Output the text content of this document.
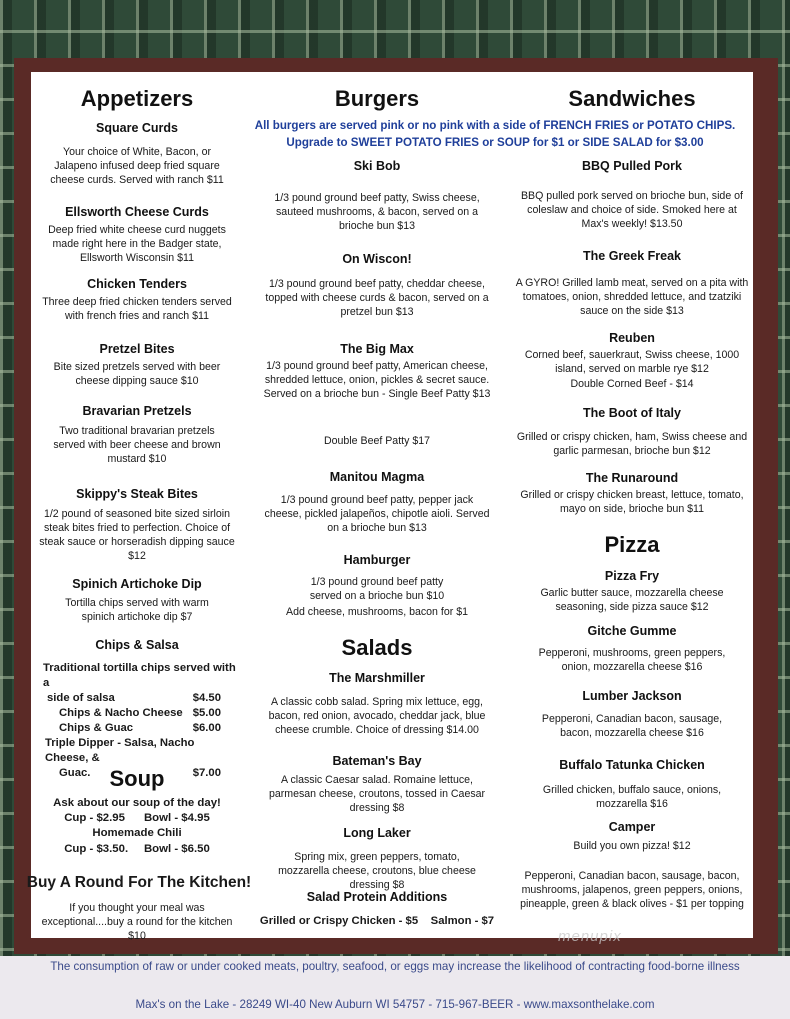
Appetizers
Square Curds
Your choice of White, Bacon, or Jalapeno infused deep fried square cheese curds. Served with ranch $11
Ellsworth Cheese Curds
Deep fried white cheese curd nuggets made right here in the Badger state, Ellsworth Wisconsin $11
Chicken Tenders
Three deep fried chicken tenders served with french fries and ranch $11
Pretzel Bites
Bite sized pretzels served with beer cheese dipping sauce $10
Bravarian Pretzels
Two traditional bravarian pretzels served with beer cheese and brown mustard $10
Skippy's Steak Bites
1/2 pound of seasoned bite sized sirloin steak bites fried to perfection. Choice of steak sauce or horseradish dipping sauce $12
Spinich Artichoke Dip
Tortilla chips served with warm spinich artichoke dip $7
Chips & Salsa
Traditional tortilla chips served with a
side of salsa	$4.50
Chips & Nacho Cheese $5.00
Chips & Guac	$6.00
Triple Dipper - Salsa, Nacho Cheese, &
Guac.	$7.00
Soup
Ask about our soup of the day!
Cup - $2.95      Bowl - $4.95
Homemade Chili
Cup - $3.50.     Bowl - $6.50
Buy A Round For The Kitchen!
If you thought your meal was exceptional....buy a round for the kitchen $10
Burgers
Ski Bob
1/3 pound ground beef patty, Swiss cheese, sauteed mushrooms, & bacon, served on a brioche bun $13
On Wiscon!
1/3 pound ground beef patty, cheddar cheese, topped with cheese curds & bacon, served on a pretzel bun $13
The Big Max
1/3 pound ground beef patty, American cheese, shredded lettuce, onion, pickles & secret sauce. Served on a brioche bun - Single Beef Patty $13
Double Beef Patty $17
Manitou Magma
1/3 pound ground beef patty, pepper jack cheese, pickled jalapeños, chipotle aioli. Served on a brioche bun $13
Hamburger
1/3 pound ground beef patty served on a brioche bun $10
Add cheese, mushrooms, bacon for $1
Salads
The Marshmiller
A classic cobb salad. Spring mix lettuce, egg, bacon, red onion, avocado, cheddar jack, blue cheese crumble. Choice of dressing $14.00
Bateman's Bay
A classic Caesar salad. Romaine lettuce, parmesan cheese, croutons, tossed in Caesar dressing $8
Long Laker
Spring mix, green peppers, tomato, mozzarella cheese, croutons, blue cheese dressing $8
Salad Protein Additions
Grilled or Crispy Chicken - $5    Salmon - $7
All burgers are served pink or no pink with a side of FRENCH FRIES or POTATO CHIPS.
Upgrade to SWEET POTATO FRIES or SOUP for $1 or SIDE SALAD for $3.00
Sandwiches
BBQ Pulled Pork
BBQ pulled pork served on brioche bun, side of coleslaw and choice of side. Smoked here at Max's weekly! $13.50
The Greek Freak
A GYRO! Grilled lamb meat, served on a pita with tomatoes, onion, shredded lettuce, and tzatziki sauce on the side $13
Reuben
Corned beef, sauerkraut, Swiss cheese, 1000 island, served on marble rye $12
Double Corned Beef - $14
The Boot of Italy
Grilled or crispy chicken, ham, Swiss cheese and garlic parmesan, brioche bun $12
The Runaround
Grilled or crispy chicken breast, lettuce, tomato, mayo on side, brioche bun $11
Pizza
Pizza Fry
Garlic butter sauce, mozzarella cheese seasoning, side pizza sauce $12
Gitche Gumme
Pepperoni, mushrooms, green peppers, onion, mozzarella cheese $16
Lumber Jackson
Pepperoni, Canadian bacon, sausage, bacon, mozzarella cheese $16
Buffalo Tatunka Chicken
Grilled chicken, buffalo sauce, onions, mozzarella $16
Camper
Build you own pizza! $12
Pepperoni, Canadian bacon, sausage, bacon, mushrooms, jalapenos, green peppers, onions, pineapple, green & black olives - $1 per topping
menupix
The consumption of raw or under cooked meats, poultry, seafood, or eggs may increase the likelihood of contracting food-borne illness
Max's on the Lake - 28249 WI-40 New Auburn WI 54757 - 715-967-BEER - www.maxsonthelake.com
